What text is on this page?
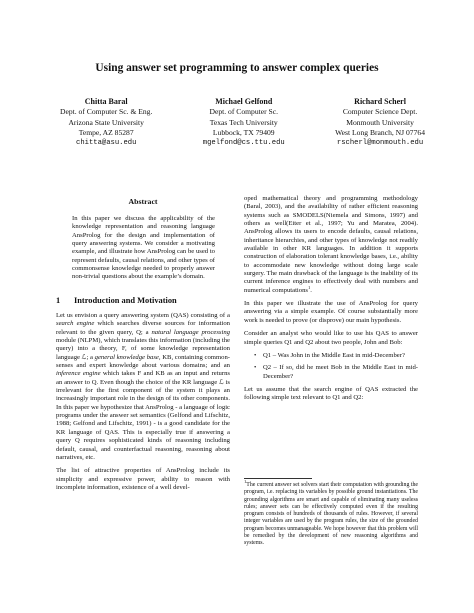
Using answer set programming to answer complex queries
Chitta Baral
Dept. of Computer Sc. & Eng.
Arizona State University
Tempe, AZ 85287
chitta@asu.edu
Michael Gelfond
Dept. of Computer Sc.
Texas Tech University
Lubbock, TX 79409
mgelfond@cs.ttu.edu
Richard Scherl
Computer Science Dept.
Monmouth University
West Long Branch, NJ 07764
rscherl@monmouth.edu
Abstract
In this paper we discuss the applicability of the knowledge representation and reasoning language AnsProlog for the design and implementation of query answering systems. We consider a motivating example, and illustrate how AnsProlog can be used to represent defaults, causal relations, and other types of commonsense knowledge needed to properly answer non-trivial questions about the example’s domain.
1 Introduction and Motivation

Let us envision a query answering system (QAS) consisting of a search engine which searches diverse sources for information relevant to the given query, Q; a natural language processing module (NLPM), which translates this information (including the query) into a theory, F, of some knowledge representation language ℒ; a general knowledge base, KB, containing common-senses and expert knowledge about various domains; and an inference engine which takes F and KB as an input and returns an answer to Q. Even though the choice of the KR language ℒ is irrelevant for the first component of the system it plays an increasingly important role in the design of its other components. In this paper we hypothesize that AnsProlog - a language of logic programs under the answer set semantics (Gelfond and Lifschitz, 1988; Gelfond and Lifschitz, 1991) - is a good candidate for the KR language of QAS. This is especially true if answering a query Q requires sophisticated kinds of reasoning including default, causal, and counterfactual reasoning, reasoning about narratives, etc.

The list of attractive properties of AnsProlog include its simplicity and expressive power, ability to reason with incomplete information, existence of a well devel-

oped mathematical theory and programming methodology (Baral, 2003), and the availability of rather efficient reasoning systems such as SMODELS(Niemela and Simons, 1997) and others as well(Eiter et al., 1997; Yu and Maratea, 2004). AnsProlog allows its users to encode defaults, causal relations, inheritance hierarchies, and other types of knowledge not readily available in other KR languages. In addition it supports construction of elaboration tolerant knowledge bases, i.e., ability to accommodate new knowledge without doing large scale surgery. The main drawback of the language is the inability of its current inference engines to effectively deal with numbers and numerical computations$^1$.

In this paper we illustrate the use of AnsProlog for query answering via a simple example. Of course substantially more work is needed to prove (or disprove) our main hypothesis.

Consider an analyst who would like to use his QAS to answer simple queries Q1 and Q2 about two people, John and Bob:

• Q1 – Was John in the Middle East in mid-December?
• Q2 – If so, did he meet Bob in the Middle East in mid-December?

Let us assume that the search engine of QAS extracted the following simple text relevant to Q1 and Q2:

$^1$The current answer set solvers start their computation with grounding the program, i.e. replacing its variables by possible ground instantiations. The grounding algorithms are smart and capable of eliminating many useless rules; answer sets can be effectively computed even if the resulting program consists of hundreds of thousands of rules. However, if several integer variables are used by the program rules, the size of the grounded program becomes unmanageable. We hope however that this problem will be remedied by the development of new reasoning algorithms and systems.
